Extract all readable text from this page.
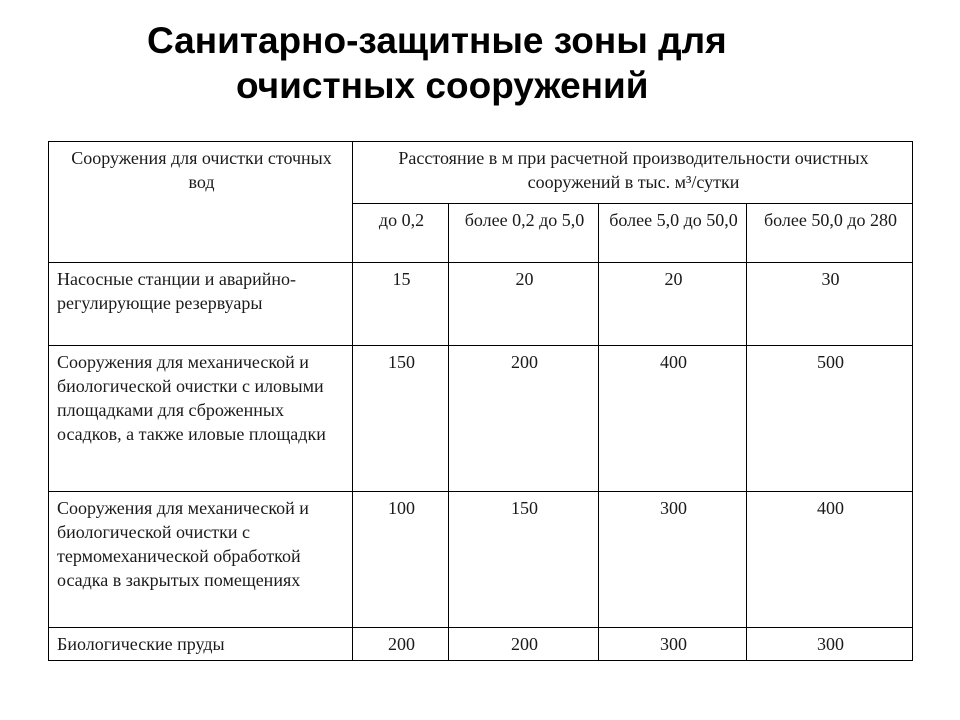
Санитарно-защитные зоны для
очистных сооружений
Сооружения для очистки сточных вод	Расстояние в м при расчетной производительности очистных сооружений в тыс. м³/сутки			
	до 0,2	более 0,2 до 5,0	более 5,0 до 50,0	более 50,0 до 280
Насосные станции и аварийно-регулирующие резервуары	15	20	20	30
Сооружения для механической и биологической очистки с иловыми площадками для сброженных осадков, а также иловые площадки	150	200	400	500
Сооружения для механической и биологической очистки с термомеханической обработкой осадка в закрытых помещениях	100	150	300	400
Биологические пруды	200	200	300	300
